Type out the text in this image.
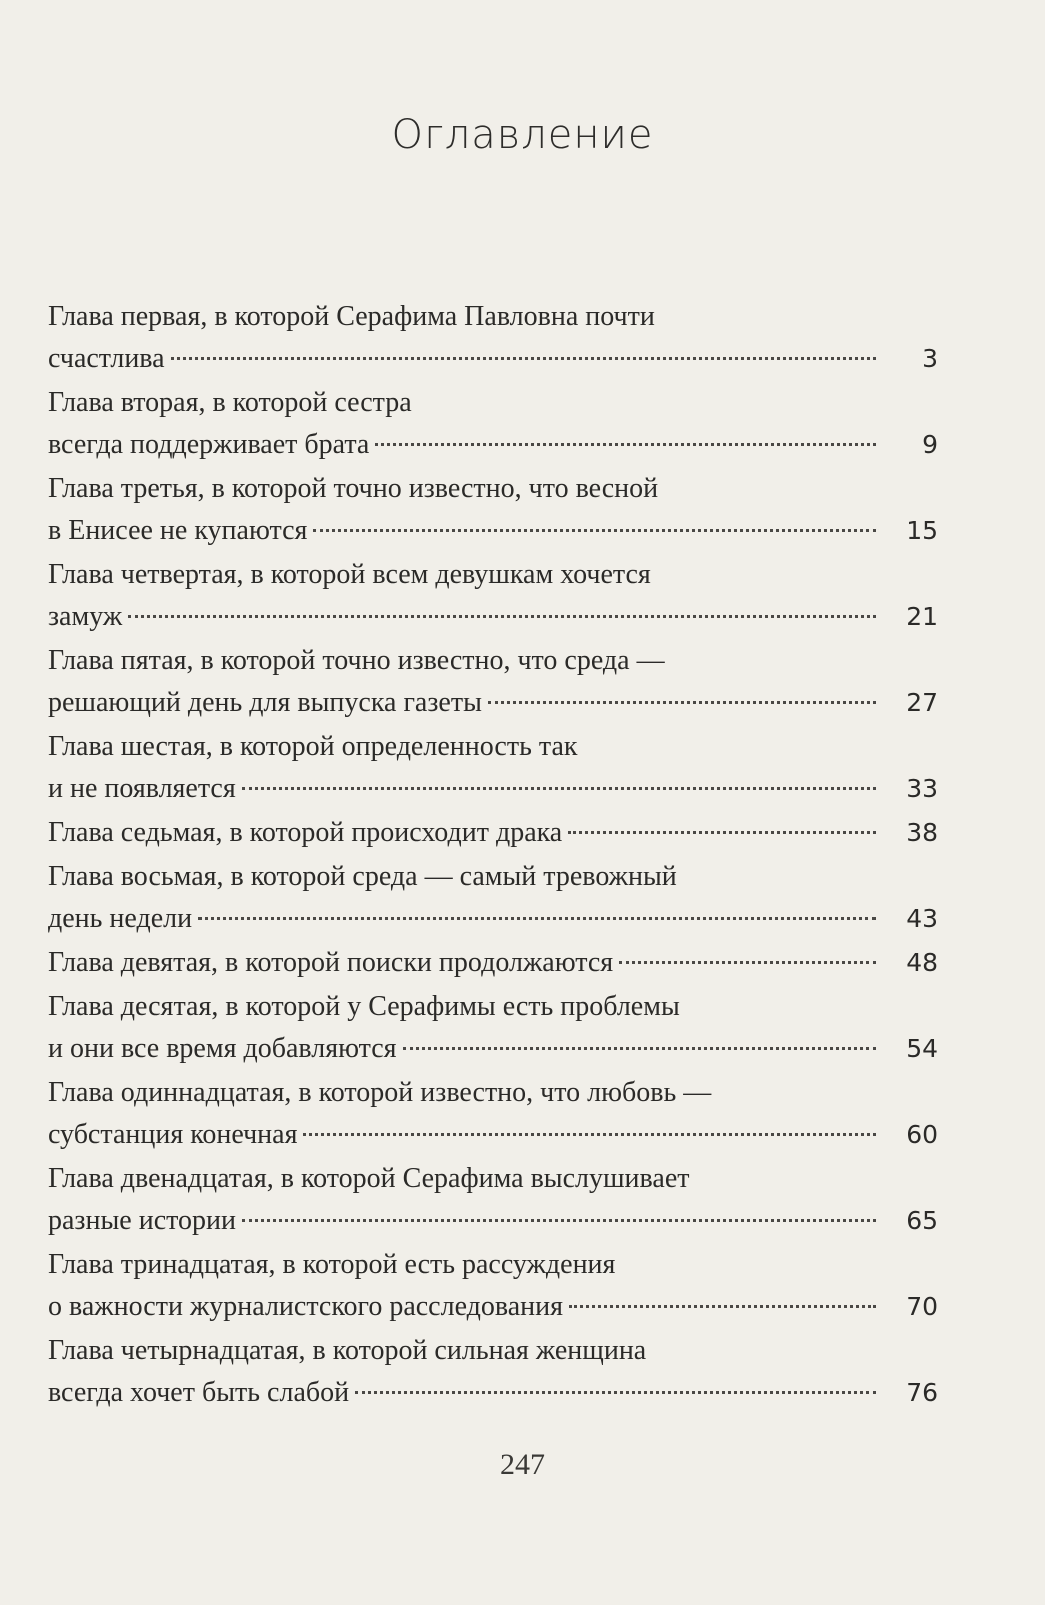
Оглавление
Глава первая, в которой Серафима Павловна почти
счастлива	3
Глава вторая, в которой сестра
всегда поддерживает брата	9
Глава третья, в которой точно известно, что весной
в Енисее не купаются	15
Глава четвертая, в которой всем девушкам хочется
замуж	21
Глава пятая, в которой точно известно, что среда —
решающий день для выпуска газеты	27
Глава шестая, в которой определенность так
и не появляется	33
Глава седьмая, в которой происходит драка	38
Глава восьмая, в которой среда — самый тревожный
день недели	43
Глава девятая, в которой поиски продолжаются	48
Глава десятая, в которой у Серафимы есть проблемы
и они все время добавляются	54
Глава одиннадцатая, в которой известно, что любовь —
субстанция конечная	60
Глава двенадцатая, в которой Серафима выслушивает
разные истории	65
Глава тринадцатая, в которой есть рассуждения
о важности журналистского расследования	70
Глава четырнадцатая, в которой сильная женщина
всегда хочет быть слабой	76
247
